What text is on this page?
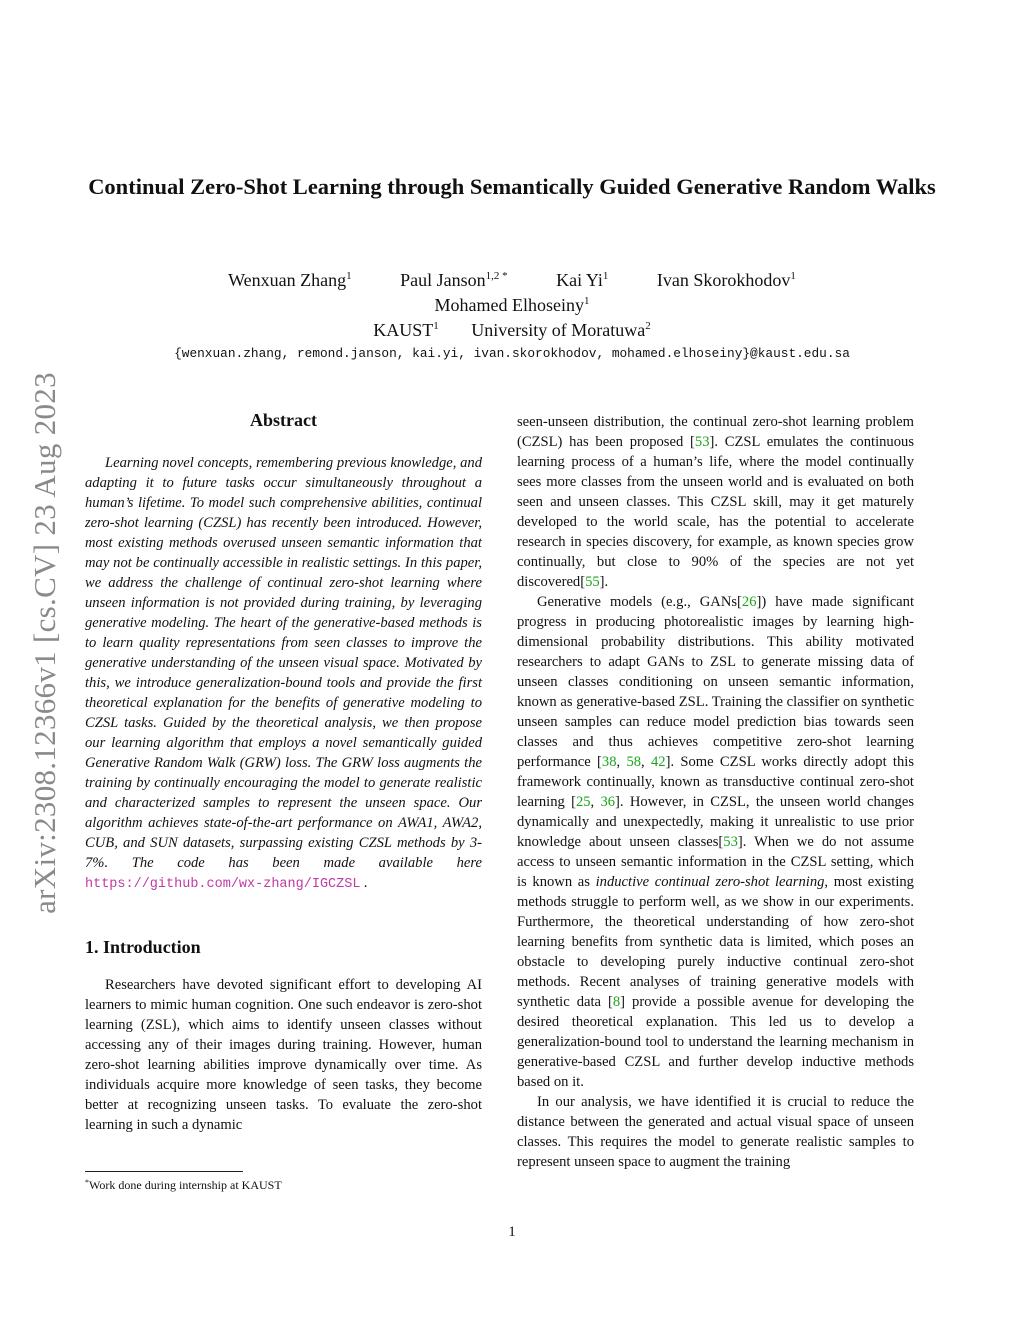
arXiv:2308.12366v1 [cs.CV] 23 Aug 2023
Continual Zero-Shot Learning through Semantically Guided Generative Random Walks
Wenxuan Zhang$^1$	Paul Janson$^{1,2 *}$	Kai Yi$^1$	Ivan Skorokhodov$^1$
Mohamed Elhoseiny$^1$
KAUST$^1$ University of Moratuwa$^2$
{wenxuan.zhang, remond.janson, kai.yi, ivan.skorokhodov, mohamed.elhoseiny}@kaust.edu.sa
Abstract

Learning novel concepts, remembering previous knowledge, and adapting it to future tasks occur simultaneously throughout a human’s lifetime. To model such comprehensive abilities, continual zero-shot learning (CZSL) has recently been introduced. However, most existing methods overused unseen semantic information that may not be continually accessible in realistic settings. In this paper, we address the challenge of continual zero-shot learning where unseen information is not provided during training, by leveraging generative modeling. The heart of the generative-based methods is to learn quality representations from seen classes to improve the generative understanding of the unseen visual space. Motivated by this, we introduce generalization-bound tools and provide the first theoretical explanation for the benefits of generative modeling to CZSL tasks. Guided by the theoretical analysis, we then propose our learning algorithm that employs a novel semantically guided Generative Random Walk (GRW) loss. The GRW loss augments the training by continually encouraging the model to generate realistic and characterized samples to represent the unseen space. Our algorithm achieves state-of-the-art performance on AWA1, AWA2, CUB, and SUN datasets, surpassing existing CZSL methods by 3-7%. The code has been made available here https://github.com/wx-zhang/IGCZSL .

1. Introduction

Researchers have devoted significant effort to developing AI learners to mimic human cognition. One such endeavor is zero-shot learning (ZSL), which aims to identify unseen classes without accessing any of their images during training. However, human zero-shot learning abilities improve dynamically over time. As individuals acquire more knowledge of seen tasks, they become better at recognizing unseen tasks. To evaluate the zero-shot learning in such a dynamic

seen-unseen distribution, the continual zero-shot learning problem (CZSL) has been proposed [53]. CZSL emulates the continuous learning process of a human’s life, where the model continually sees more classes from the unseen world and is evaluated on both seen and unseen classes. This CZSL skill, may it get maturely developed to the world scale, has the potential to accelerate research in species discovery, for example, as known species grow continually, but close to 90% of the species are not yet discovered[55].

Generative models (e.g., GANs[26]) have made significant progress in producing photorealistic images by learning high-dimensional probability distributions. This ability motivated researchers to adapt GANs to ZSL to generate missing data of unseen classes conditioning on unseen semantic information, known as generative-based ZSL. Training the classifier on synthetic unseen samples can reduce model prediction bias towards seen classes and thus achieves competitive zero-shot learning performance [38, 58, 42]. Some CZSL works directly adopt this framework continually, known as transductive continual zero-shot learning [25, 36]. However, in CZSL, the unseen world changes dynamically and unexpectedly, making it unrealistic to use prior knowledge about unseen classes[53]. When we do not assume access to unseen semantic information in the CZSL setting, which is known as inductive continual zero-shot learning, most existing methods struggle to perform well, as we show in our experiments. Furthermore, the theoretical understanding of how zero-shot learning benefits from synthetic data is limited, which poses an obstacle to developing purely inductive continual zero-shot methods. Recent analyses of training generative models with synthetic data [8] provide a possible avenue for developing the desired theoretical explanation. This led us to develop a generalization-bound tool to understand the learning mechanism in generative-based CZSL and further develop inductive methods based on it.

In our analysis, we have identified it is crucial to reduce the distance between the generated and actual visual space of unseen classes. This requires the model to generate realistic samples to represent unseen space to augment the training

*Work done during internship at KAUST
1
